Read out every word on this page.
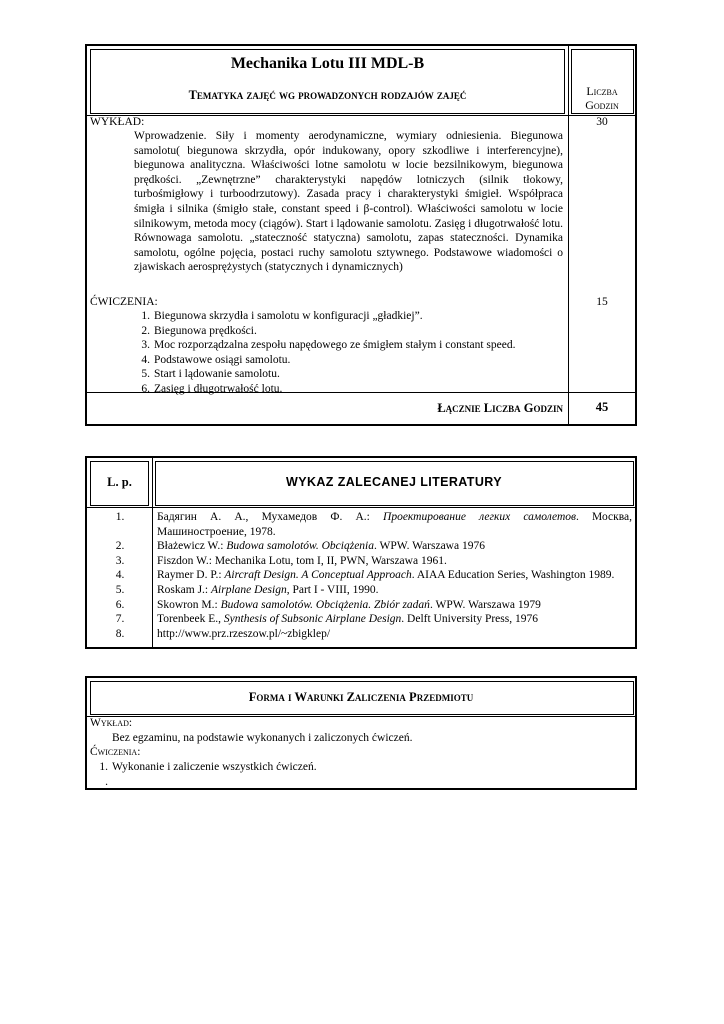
Mechanika Lotu III MDL-B
Tematyka zajęć wg prowadzonych rodzajów zajęć	Liczba
Godzin
WYKŁAD:	30
Wprowadzenie. Siły i momenty aerodynamiczne, wymiary odniesienia. Biegunowa samolotu( biegunowa skrzydła, opór indukowany, opory szkodliwe i interferencyjne), biegunowa analityczna. Właściwości lotne samolotu w locie bezsilnikowym, biegunowa prędkości. „Zewnętrzne” charakterystyki napędów lotniczych (silnik tłokowy, turbośmigłowy i turboodrzutowy). Zasada pracy i charakterystyki śmigieł. Współpraca śmigła i silnika (śmigło stałe, constant speed i β-control). Właściwości samolotu w locie silnikowym, metoda mocy (ciągów). Start i lądowanie samolotu. Zasięg i długotrwałość lotu. Równowaga samolotu. „stateczność statyczna) samolotu, zapas stateczności. Dynamika samolotu, ogólne pojęcia, postaci ruchy samolotu sztywnego. Podstawowe wiadomości o zjawiskach aerosprężystych (statycznych i dynamicznych)
ĆWICZENIA:	15
1. Biegunowa skrzydła i samolotu w konfiguracji „gładkiej”.
2. Biegunowa prędkości.
3. Moc rozporządzalna zespołu napędowego ze śmigłem stałym i constant speed.
4. Podstawowe osiągi samolotu.
5. Start i lądowanie samolotu.
6. Zasięg i długotrwałość lotu.
Łącznie Liczba Godzin	45
L. p.	WYKAZ ZALECANEJ LITERATURY
1.	Бадягин А. А., Мухамедов Ф. А.: Проектирование легких самолетов. Москва, Машиностроение, 1978.
2.	Błażewicz W.: Budowa samolotów. Obciążenia. WPW. Warszawa 1976
3.	Fiszdon W.: Mechanika Lotu, tom I, II, PWN, Warszawa 1961.
4.	Raymer D. P.: Aircraft Design. A Conceptual Approach. AIAA Education Series, Washington 1989.
5.	Roskam J.: Airplane Design, Part I - VIII, 1990.
6.	Skowron M.: Budowa samolotów. Obciążenia. Zbiór zadań. WPW. Warszawa 1979
7.	Torenbeek E., Synthesis of Subsonic Airplane Design. Delft University Press, 1976
8.	http://www.prz.rzeszow.pl/~zbigklep/
Forma i Warunki Zaliczenia Przedmiotu
Wykład:
Bez egzaminu, na podstawie wykonanych i zaliczonych ćwiczeń.
Ćwiczenia:
1. Wykonanie i zaliczenie wszystkich ćwiczeń.
.
